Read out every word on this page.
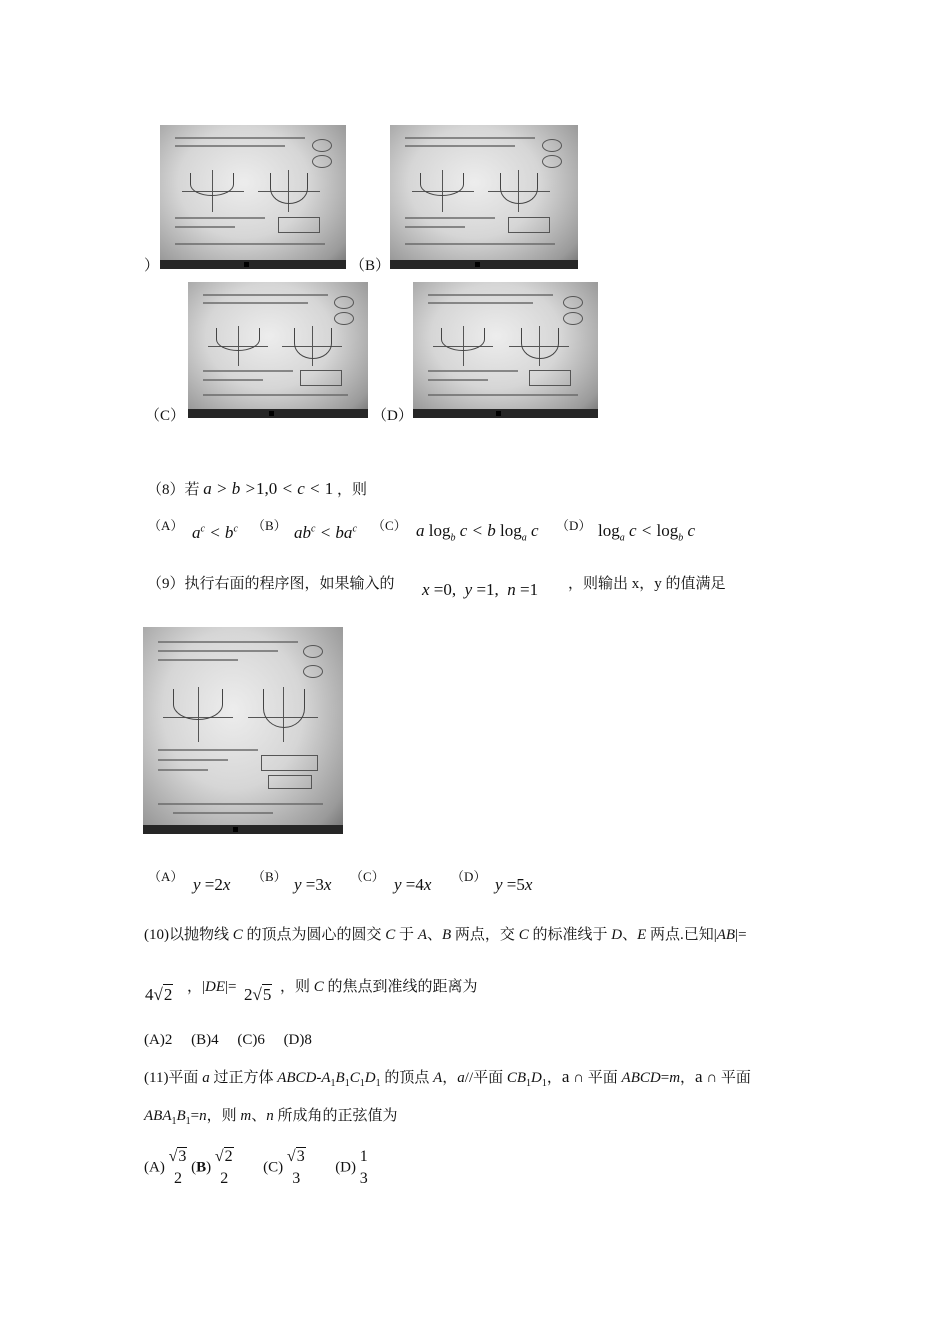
）	（B）
（C）	（D）
（8）若 a > b >1,0 < c < 1 ，则
（A） $a^c < b^c$ （B） $ab^c < ba^c$ （C） a $\log_b c < b$ $\log_a c$ （D） $\log_a c < \log_b c$
（9）执行右面的程序图，如果输入的 x =0,  y =1,  n =1 ，则输出 x，y 的值满足
（A） y =2x （B） y =3x （C） y =4x （D） y =5x
(10)以抛物线 C 的顶点为圆心的圆交 C 于 A、B 两点，交 C 的标准线于 D、E 两点.已知|AB|=
4√2 ，|DE|= 2√5 ，则 C 的焦点到准线的距离为
(A)2     (B)4     (C)6     (D)8
(11)平面 a 过正方体 ABCD-$A_1B_1C_1D_1$ 的顶点 A，a//平面 $CB_1D_1$，a ∩ 平面 ABCD=m，a ∩ 平面
$ABA_1B_1=n$，则 m、n 所成角的正弦值为
(A)
√3
2
(B)
√2
2
(C)
√3
3
(D)
1
3
